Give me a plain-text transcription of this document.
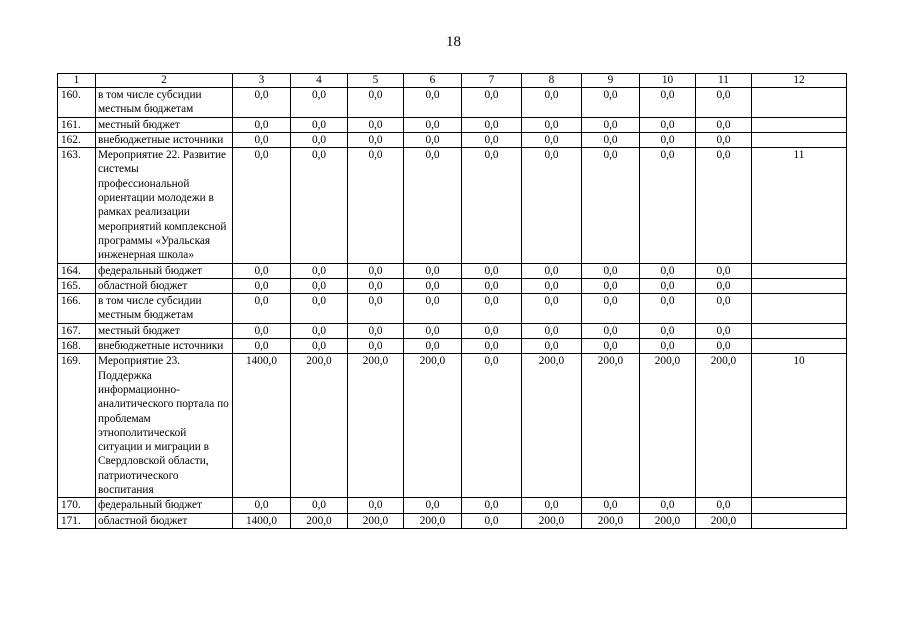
18
1	2	3	4	5	6	7	8	9	10	11	12
160.	в том числе субсидии местным бюджетам	0,0	0,0	0,0	0,0	0,0	0,0	0,0	0,0	0,0	
161.	местный бюджет	0,0	0,0	0,0	0,0	0,0	0,0	0,0	0,0	0,0	
162.	внебюджетные источники	0,0	0,0	0,0	0,0	0,0	0,0	0,0	0,0	0,0	
163.	Мероприятие 22. Развитие системы профессиональной ориентации молодежи в рамках реализации мероприятий комплексной программы «Уральская инженерная школа»	0,0	0,0	0,0	0,0	0,0	0,0	0,0	0,0	0,0	11
164.	федеральный бюджет	0,0	0,0	0,0	0,0	0,0	0,0	0,0	0,0	0,0	
165.	областной бюджет	0,0	0,0	0,0	0,0	0,0	0,0	0,0	0,0	0,0	
166.	в том числе субсидии местным бюджетам	0,0	0,0	0,0	0,0	0,0	0,0	0,0	0,0	0,0	
167.	местный бюджет	0,0	0,0	0,0	0,0	0,0	0,0	0,0	0,0	0,0	
168.	внебюджетные источники	0,0	0,0	0,0	0,0	0,0	0,0	0,0	0,0	0,0	
169.	Мероприятие 23. Поддержка информационно-аналитического портала по проблемам этнополитической ситуации и миграции в Свердловской области, патриотического воспитания	1400,0	200,0	200,0	200,0	0,0	200,0	200,0	200,0	200,0	10
170.	федеральный бюджет	0,0	0,0	0,0	0,0	0,0	0,0	0,0	0,0	0,0	
171.	областной бюджет	1400,0	200,0	200,0	200,0	0,0	200,0	200,0	200,0	200,0	
